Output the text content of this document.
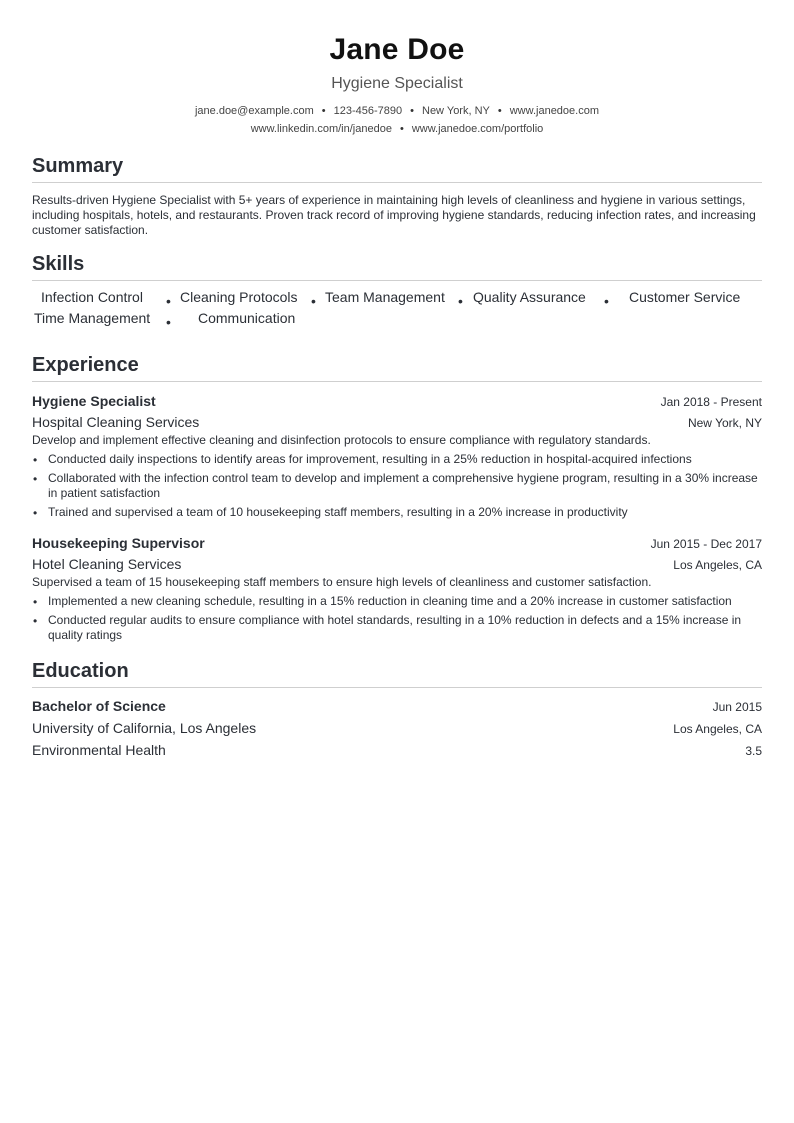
Jane Doe
Hygiene Specialist
jane.doe@example.com • 123-456-7890 • New York, NY • www.janedoe.com
www.linkedin.com/in/janedoe • www.janedoe.com/portfolio
Summary
Results-driven Hygiene Specialist with 5+ years of experience in maintaining high levels of cleanliness and hygiene in various settings, including hospitals, hotels, and restaurants. Proven track record of improving hygiene standards, reducing infection rates, and increasing customer satisfaction.
Skills
Infection Control • Cleaning Protocols • Team Management • Quality Assurance • Customer Service
Time Management • Communication
Experience
Hygiene Specialist	Jan 2018 - Present
Hospital Cleaning Services	New York, NY
Develop and implement effective cleaning and disinfection protocols to ensure compliance with regulatory standards.
• Conducted daily inspections to identify areas for improvement, resulting in a 25% reduction in hospital-acquired infections
• Collaborated with the infection control team to develop and implement a comprehensive hygiene program, resulting in a 30% increase in patient satisfaction
• Trained and supervised a team of 10 housekeeping staff members, resulting in a 20% increase in productivity
Housekeeping Supervisor	Jun 2015 - Dec 2017
Hotel Cleaning Services	Los Angeles, CA
Supervised a team of 15 housekeeping staff members to ensure high levels of cleanliness and customer satisfaction.
• Implemented a new cleaning schedule, resulting in a 15% reduction in cleaning time and a 20% increase in customer satisfaction
• Conducted regular audits to ensure compliance with hotel standards, resulting in a 10% reduction in defects and a 15% increase in quality ratings
Education
Bachelor of Science	Jun 2015
University of California, Los Angeles	Los Angeles, CA
Environmental Health	3.5
